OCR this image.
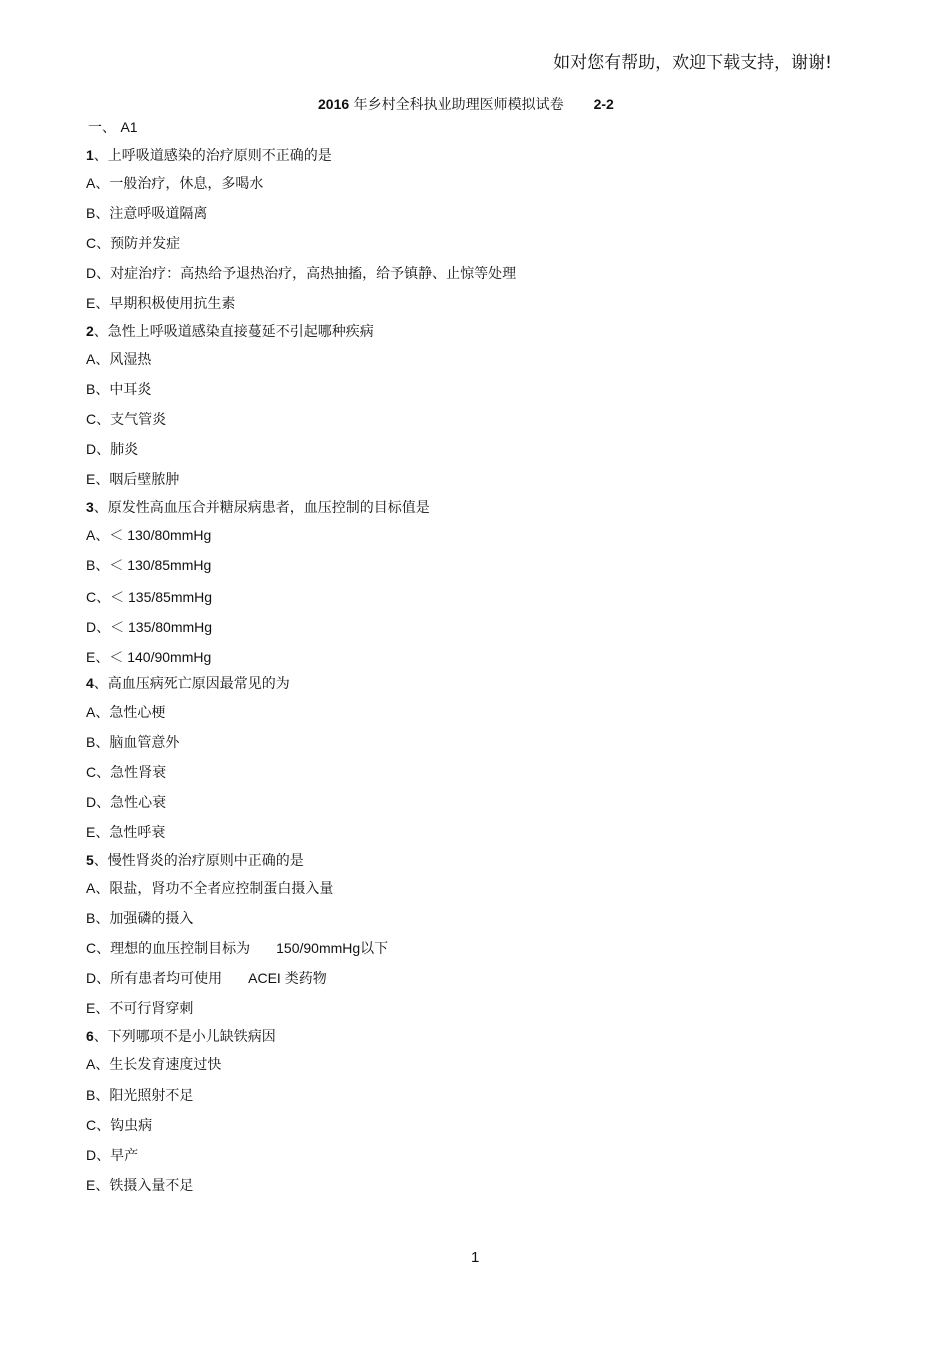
如对您有帮助，欢迎下载支持，谢谢!
2016 年乡村全科执业助理医师模拟试卷 2-2
一、 A1
1、上呼吸道感染的治疗原则不正确的是
A、一般治疗，休息，多喝水
B、注意呼吸道隔离
C、预防并发症
D、对症治疗：高热给予退热治疗，高热抽搐，给予镇静、止惊等处理
E、早期积极使用抗生素
2、急性上呼吸道感染直接蔓延不引起哪种疾病
A、风湿热
B、中耳炎
C、支气管炎
D、肺炎
E、咽后壁脓肿
3、原发性高血压合并糖尿病患者，血压控制的目标值是
A、＜ 130/80mmHg
B、＜ 130/85mmHg
C、＜ 135/85mmHg
D、＜ 135/80mmHg
E、＜ 140/90mmHg
4、高血压病死亡原因最常见的为
A、急性心梗
B、脑血管意外
C、急性肾衰
D、急性心衰
E、急性呼衰
5、慢性肾炎的治疗原则中正确的是
A、限盐，肾功不全者应控制蛋白摄入量
B、加强磷的摄入
C、理想的血压控制目标为 150/90mmHg以下
D、所有患者均可使用 ACEI 类药物
E、不可行肾穿刺
6、下列哪项不是小儿缺铁病因
A、生长发育速度过快
B、阳光照射不足
C、钩虫病
D、早产
E、铁摄入量不足
1
